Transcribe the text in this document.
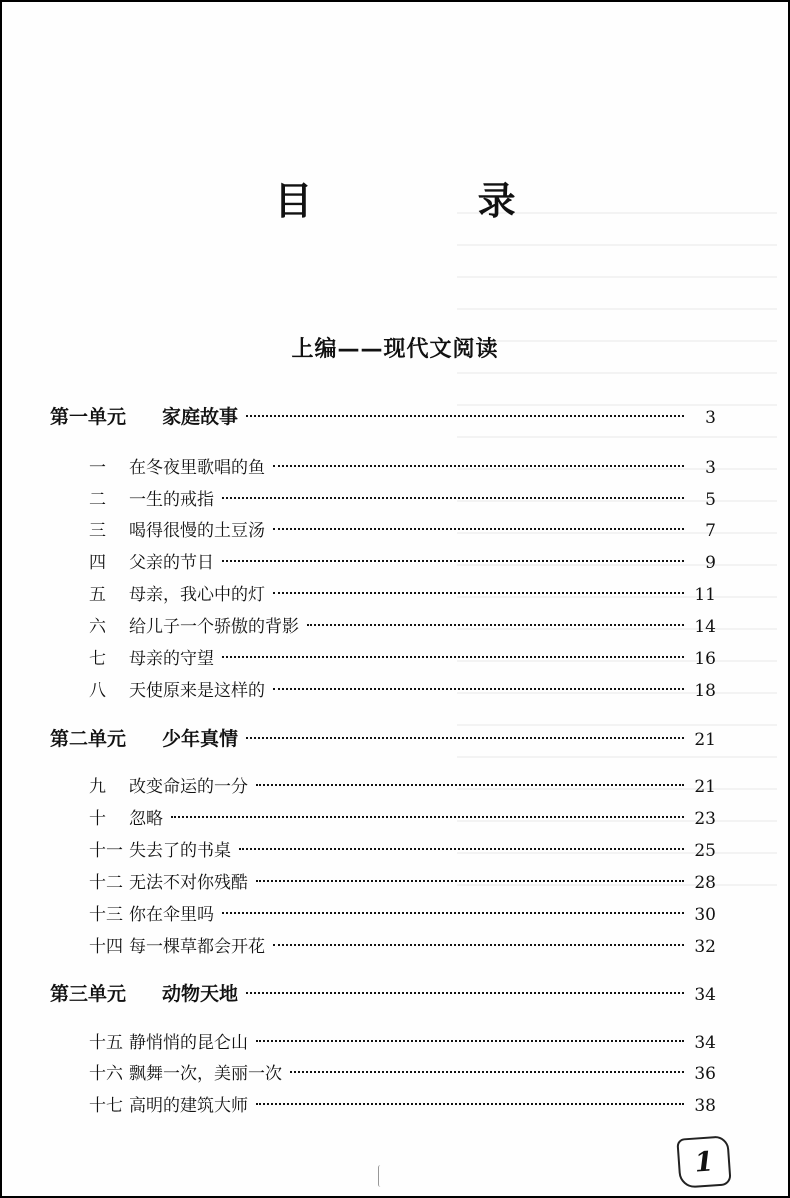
目 录
上编——现代文阅读
第一单元	家庭故事	3
一	在冬夜里歌唱的鱼	3
二	一生的戒指	5
三	喝得很慢的土豆汤	7
四	父亲的节日	9
五	母亲，我心中的灯	11
六	给儿子一个骄傲的背影	14
七	母亲的守望	16
八	天使原来是这样的	18
第二单元	少年真情	21
九	改变命运的一分	21
十	忽略	23
十一 失去了的书桌	25
十二 无法不对你残酷	28
十三 你在伞里吗	30
十四 每一棵草都会开花	32
第三单元	动物天地	34
十五 静悄悄的昆仑山	34
十六 飘舞一次，美丽一次	36
十七 高明的建筑大师	38
1
